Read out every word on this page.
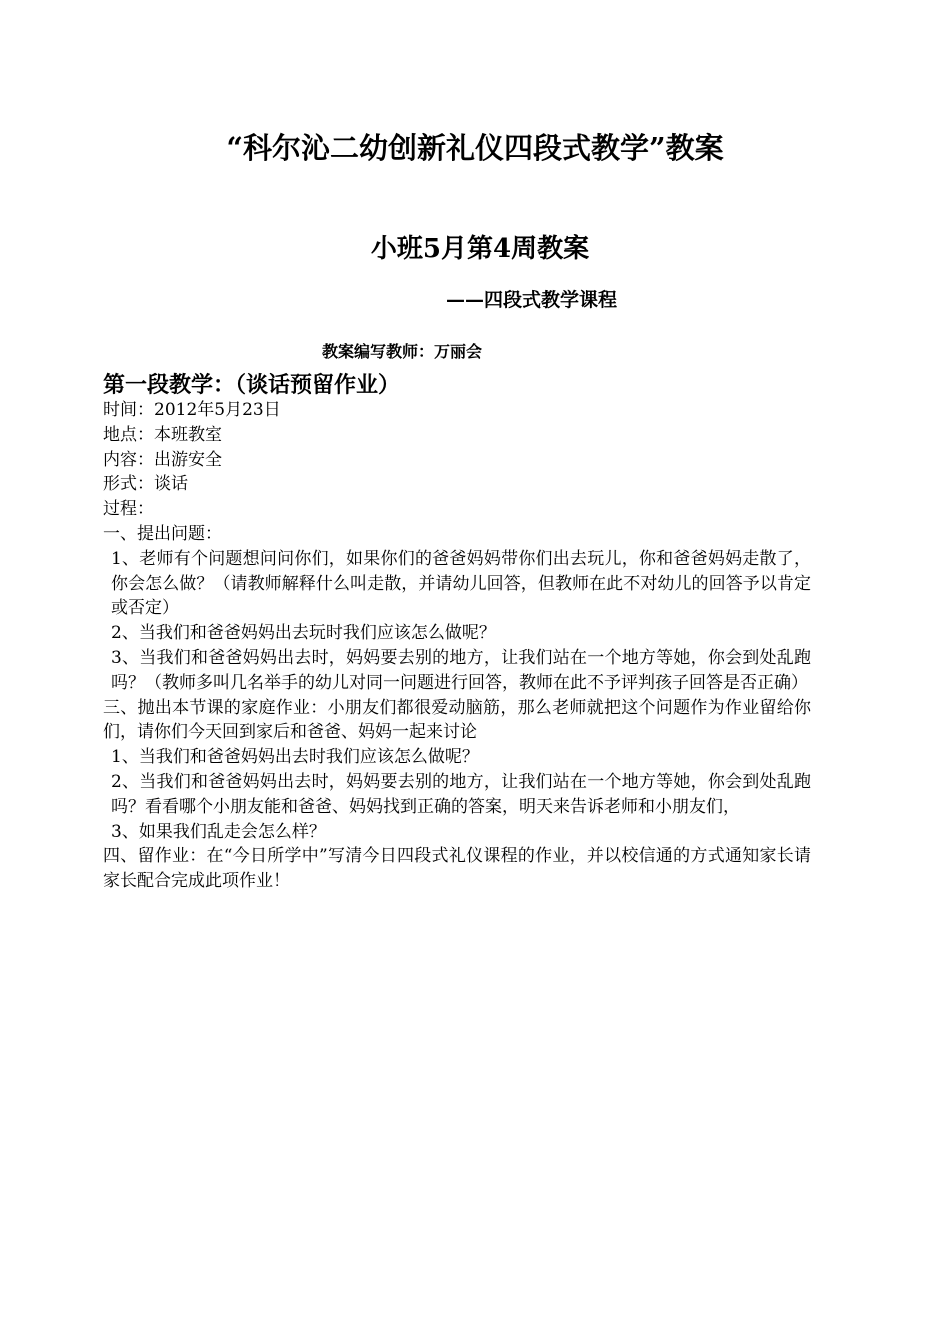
“科尔沁二幼创新礼仪四段式教学”教案
小班5月第4周教案
——四段式教学课程
教案编写教师：万丽会
第一段教学：（谈话预留作业）

时间：2012年5月23日

地点：本班教室

内容：出游安全

形式：谈话

过程：

一、提出问题：

1、老师有个问题想问问你们，如果你们的爸爸妈妈带你们出去玩儿，你和爸爸妈妈走散了，你会怎么做？（请教师解释什么叫走散，并请幼儿回答，但教师在此不对幼儿的回答予以肯定或否定）

2、当我们和爸爸妈妈出去玩时我们应该怎么做呢？

3、当我们和爸爸妈妈出去时，妈妈要去别的地方，让我们站在一个地方等她，你会到处乱跑吗？（教师多叫几名举手的幼儿对同一问题进行回答，教师在此不予评判孩子回答是否正确）

三、抛出本节课的家庭作业：小朋友们都很爱动脑筋，那么老师就把这个问题作为作业留给你们，请你们今天回到家后和爸爸、妈妈一起来讨论

1、当我们和爸爸妈妈出去时我们应该怎么做呢？

2、当我们和爸爸妈妈出去时，妈妈要去别的地方，让我们站在一个地方等她，你会到处乱跑吗？看看哪个小朋友能和爸爸、妈妈找到正确的答案，明天来告诉老师和小朋友们，

3、如果我们乱走会怎么样？

四、留作业：在“今日所学中”写清今日四段式礼仪课程的作业，并以校信通的方式通知家长请家长配合完成此项作业！
